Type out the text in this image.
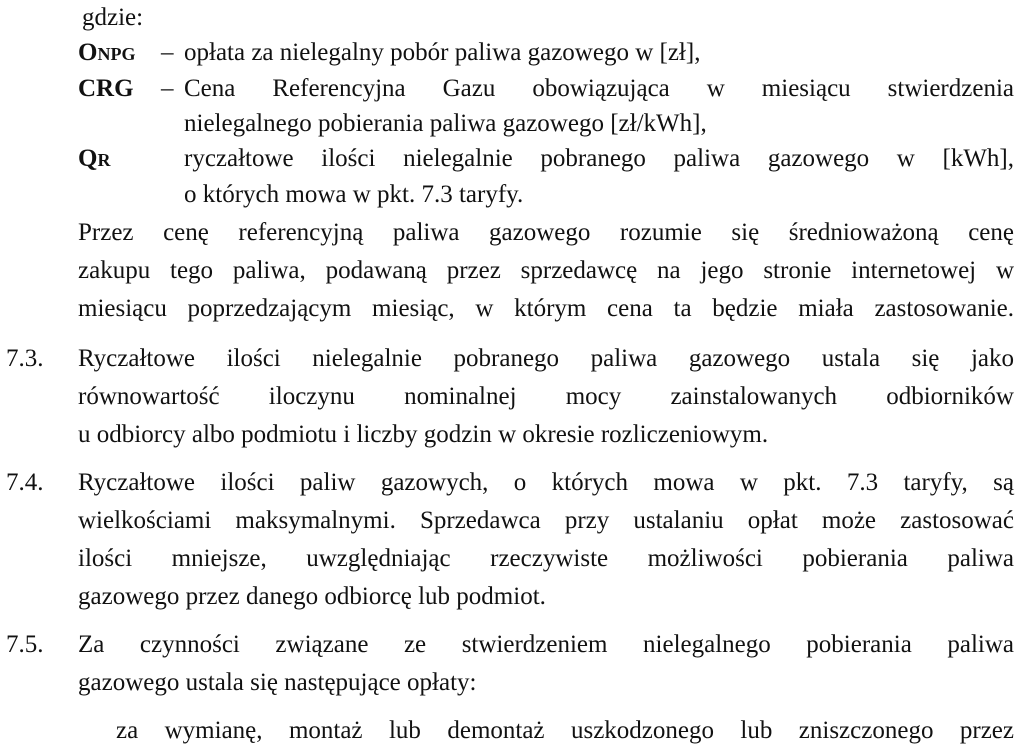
gdzie:
ONPG – opłata za nielegalny pobór paliwa gazowego w [zł],
CRG – Cena Referencyjna Gazu obowiązująca w miesiącu stwierdzenia
nielegalnego pobierania paliwa gazowego [zł/kWh],
QR	ryczałtowe ilości nielegalnie pobranego paliwa gazowego w [kWh],
o których mowa w pkt. 7.3 taryfy.
Przez cenę referencyjną paliwa gazowego rozumie się średnioważoną cenę
zakupu tego paliwa, podawaną przez sprzedawcę na jego stronie internetowej w
miesiącu poprzedzającym miesiąc, w którym cena ta będzie miała zastosowanie.
7.3. Ryczałtowe ilości nielegalnie pobranego paliwa gazowego ustala się jako
równowartość iloczynu nominalnej mocy zainstalowanych odbiorników
u odbiorcy albo podmiotu i liczby godzin w okresie rozliczeniowym.
7.4. Ryczałtowe ilości paliw gazowych, o których mowa w pkt. 7.3 taryfy, są
wielkościami maksymalnymi. Sprzedawca przy ustalaniu opłat może zastosować
ilości mniejsze, uwzględniając rzeczywiste możliwości pobierania paliwa
gazowego przez danego odbiorcę lub podmiot.
7.5. Za czynności związane ze stwierdzeniem nielegalnego pobierania paliwa
gazowego ustala się następujące opłaty:
za wymianę, montaż lub demontaż uszkodzonego lub zniszczonego przez
